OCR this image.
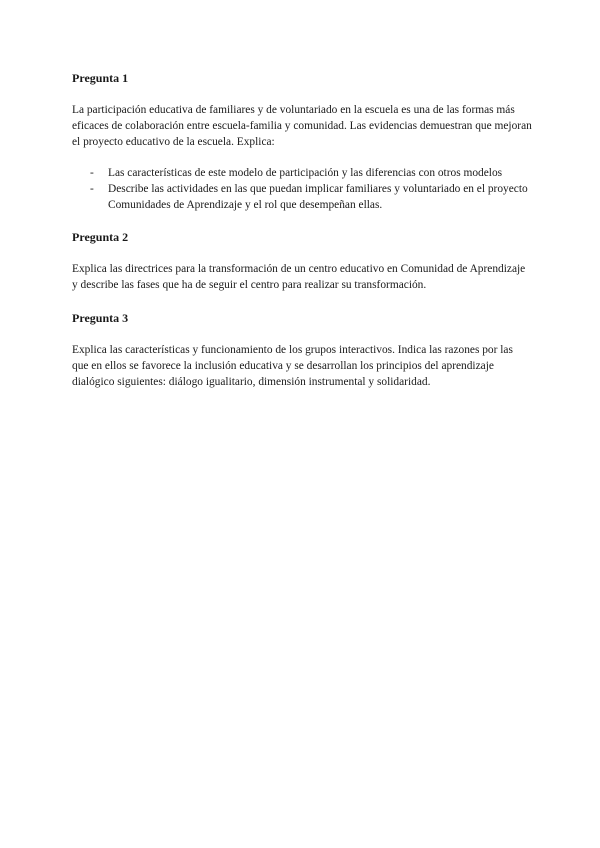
Pregunta 1

La participación educativa de familiares y de voluntariado en la escuela es una de las formas más eficaces de colaboración entre escuela-familia y comunidad. Las evidencias demuestran que mejoran el proyecto educativo de la escuela. Explica:

- Las características de este modelo de participación y las diferencias con otros modelos
- Describe las actividades en las que puedan implicar familiares y voluntariado en el proyecto Comunidades de Aprendizaje y el rol que desempeñan ellas.
Pregunta 2

Explica las directrices para la transformación de un centro educativo en Comunidad de Aprendizaje y describe las fases que ha de seguir el centro para realizar su transformación.

Pregunta 3

Explica las características y funcionamiento de los grupos interactivos. Indica las razones por las que en ellos se favorece la inclusión educativa y se desarrollan los principios del aprendizaje dialógico siguientes: diálogo igualitario, dimensión instrumental y solidaridad.
